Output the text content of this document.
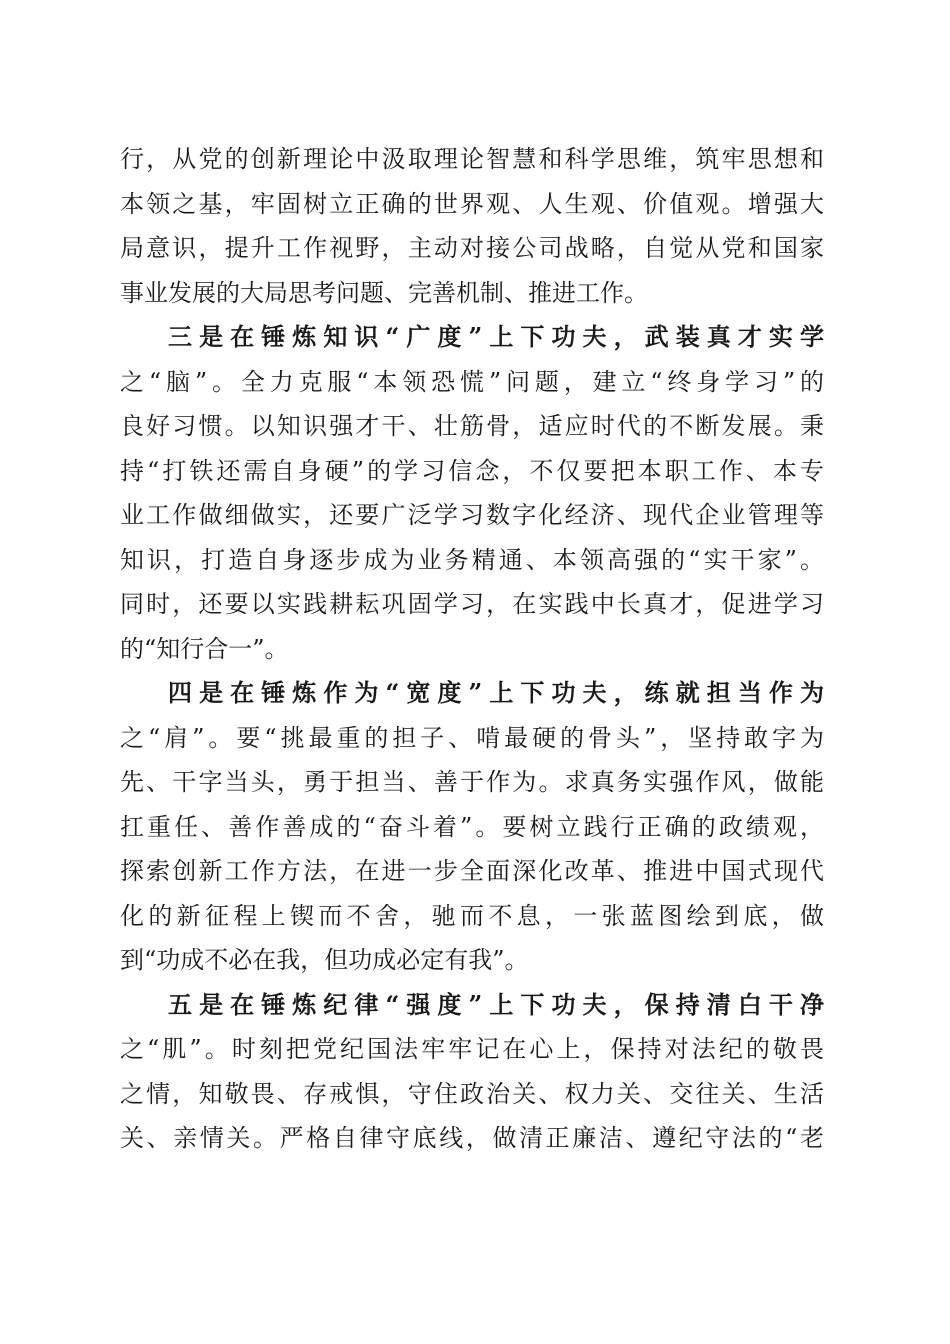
行，从党的创新理论中汲取理论智慧和科学思维，筑牢思想和
本领之基，牢固树立正确的世界观、人生观、价值观。增强大
局意识，提升工作视野，主动对接公司战略，自觉从党和国家
事业发展的大局思考问题、完善机制、推进工作。
三是在锤炼知识“广度”上下功夫，武装真才实学
之“脑”。全力克服“本领恐慌”问题，建立“终身学习”的
良好习惯。以知识强才干、壮筋骨，适应时代的不断发展。秉
持“打铁还需自身硬”的学习信念，不仅要把本职工作、本专
业工作做细做实，还要广泛学习数字化经济、现代企业管理等
知识，打造自身逐步成为业务精通、本领高强的“实干家”。
同时，还要以实践耕耘巩固学习，在实践中长真才，促进学习
的“知行合一”。
四是在锤炼作为“宽度”上下功夫，练就担当作为
之“肩”。要“挑最重的担子、啃最硬的骨头”，坚持敢字为
先、干字当头，勇于担当、善于作为。求真务实强作风，做能
扛重任、善作善成的“奋斗着”。要树立践行正确的政绩观，
探索创新工作方法，在进一步全面深化改革、推进中国式现代
化的新征程上锲而不舍，驰而不息，一张蓝图绘到底，做
到“功成不必在我，但功成必定有我”。
五是在锤炼纪律“强度”上下功夫，保持清白干净
之“肌”。时刻把党纪国法牢牢记在心上，保持对法纪的敬畏
之情，知敬畏、存戒惧，守住政治关、权力关、交往关、生活
关、亲情关。严格自律守底线，做清正廉洁、遵纪守法的“老
